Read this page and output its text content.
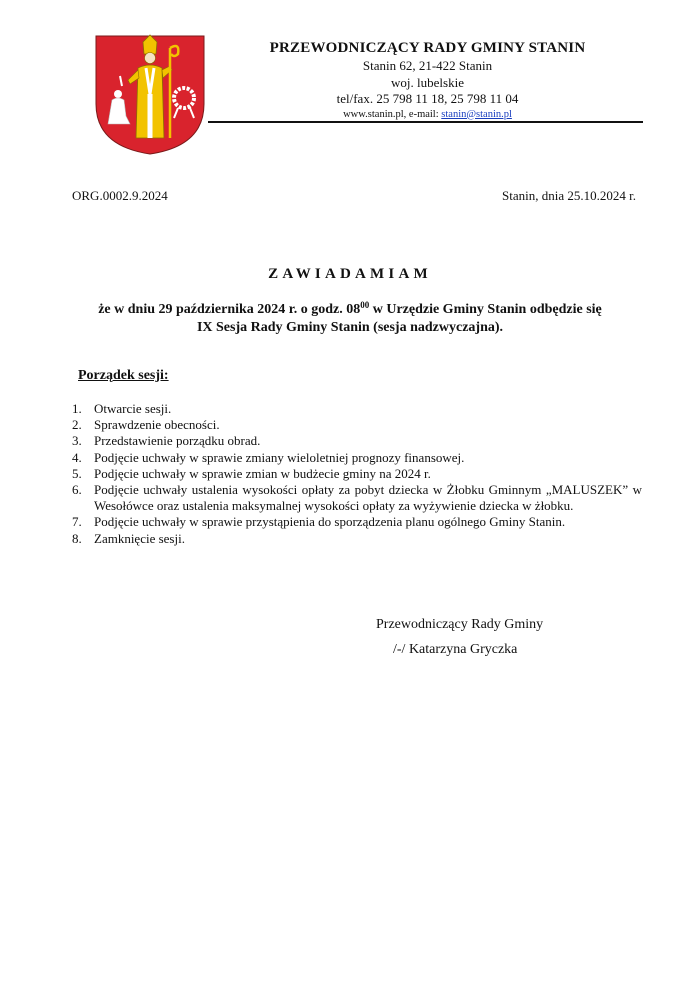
PRZEWODNICZĄCY RADY GMINY STANIN
Stanin 62, 21-422 Stanin
woj. lubelskie
tel/fax. 25 798 11 18, 25 798 11 04
www.stanin.pl, e-mail: stanin@stanin.pl
ORG.0002.9.2024	Stanin, dnia 25.10.2024 r.
ZAWIADAMIAM
że w dniu 29 października 2024 r. o godz. $08^{00}$ w Urzędzie Gminy Stanin odbędzie się
IX Sesja Rady Gminy Stanin (sesja nadzwyczajna).
Porządek sesji:
1. Otwarcie sesji.
2. Sprawdzenie obecności.
3. Przedstawienie porządku obrad.
4. Podjęcie uchwały w sprawie zmiany wieloletniej prognozy finansowej.
5. Podjęcie uchwały w sprawie zmian w budżecie gminy na 2024 r.
6. Podjęcie uchwały ustalenia wysokości opłaty za pobyt dziecka w Żłobku Gminnym „MALUSZEK” w Wesołówce oraz ustalenia maksymalnej wysokości opłaty za wyżywienie dziecka w żłobku.
7. Podjęcie uchwały w sprawie przystąpienia do sporządzenia planu ogólnego Gminy Stanin.
8. Zamknięcie sesji.
Przewodniczący Rady Gminy
/-/ Katarzyna Gryczka
